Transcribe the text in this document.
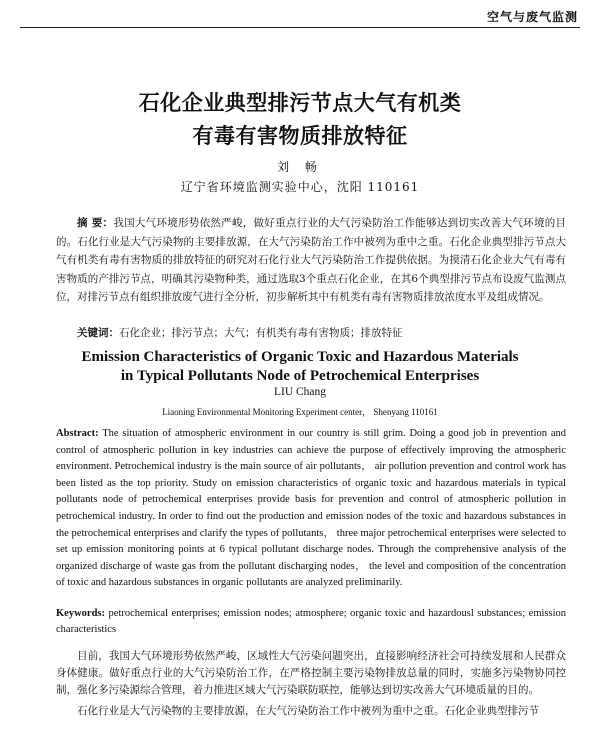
空气与废气监测
石化企业典型排污节点大气有机类
有毒有害物质排放特征
刘 畅
辽宁省环境监测实验中心，沈阳 110161
摘 要：我国大气环境形势依然严峻，做好重点行业的大气污染防治工作能够达到切实改善大气环境的目的。石化行业是大气污染物的主要排放源，在大气污染防治工作中被列为重中之重。石化企业典型排污节点大气有机类有毒有害物质的排放特征的研究对石化行业大气污染防治工作提供依据。为摸清石化企业大气有毒有害物质的产排污节点，明确其污染物种类，通过选取3个重点石化企业，在其6个典型排污节点布设废气监测点位，对排污节点有组织排放废气进行全分析，初步解析其中有机类有毒有害物质排放浓度水平及组成情况。
关键词：石化企业；排污节点；大气；有机类有毒有害物质；排放特征
Emission Characteristics of Organic Toxic and Hazardous Materials
in Typical Pollutants Node of Petrochemical Enterprises
LIU Chang
Liaoning Environmental Monitoring Experiment center， Shenyang 110161
Abstract: The situation of atmospheric environment in our country is still grim. Doing a good job in prevention and control of atmospheric pollution in key industries can achieve the purpose of effectively improving the atmospheric environment. Petrochemical industry is the main source of air pollutants， air pollution prevention and control work has been listed as the top priority. Study on emission characteristics of organic toxic and hazardous materials in typical pollutants node of petrochemical enterprises provide basis for prevention and control of atmospheric pollution in petrochemical industry. In order to find out the production and emission nodes of the toxic and hazardous substances in the petrochemical enterprises and clarify the types of pollutants， three major petrochemical enterprises were selected to set up emission monitoring points at 6 typical pollutant discharge nodes. Through the comprehensive analysis of the organized discharge of waste gas from the pollutant discharging nodes， the level and composition of the concentration of toxic and hazardous substances in organic pollutants are analyzed preliminarily.
Keywords: petrochemical enterprises; emission nodes; atmosphere; organic toxic and hazardousl substances; emission characteristics

目前，我国大气环境形势依然严峻，区域性大气污染问题突出，直接影响经济社会可持续发展和人民群众身体健康。做好重点行业的大气污染防治工作，在严格控制主要污染物排放总量的同时，实施多污染物协同控制，强化多污染源综合管理，着力推进区域大气污染联防联控，能够达到切实改善大气环境质量的目的。

石化行业是大气污染物的主要排放源，在大气污染防治工作中被列为重中之重。石化企业典型排污节
